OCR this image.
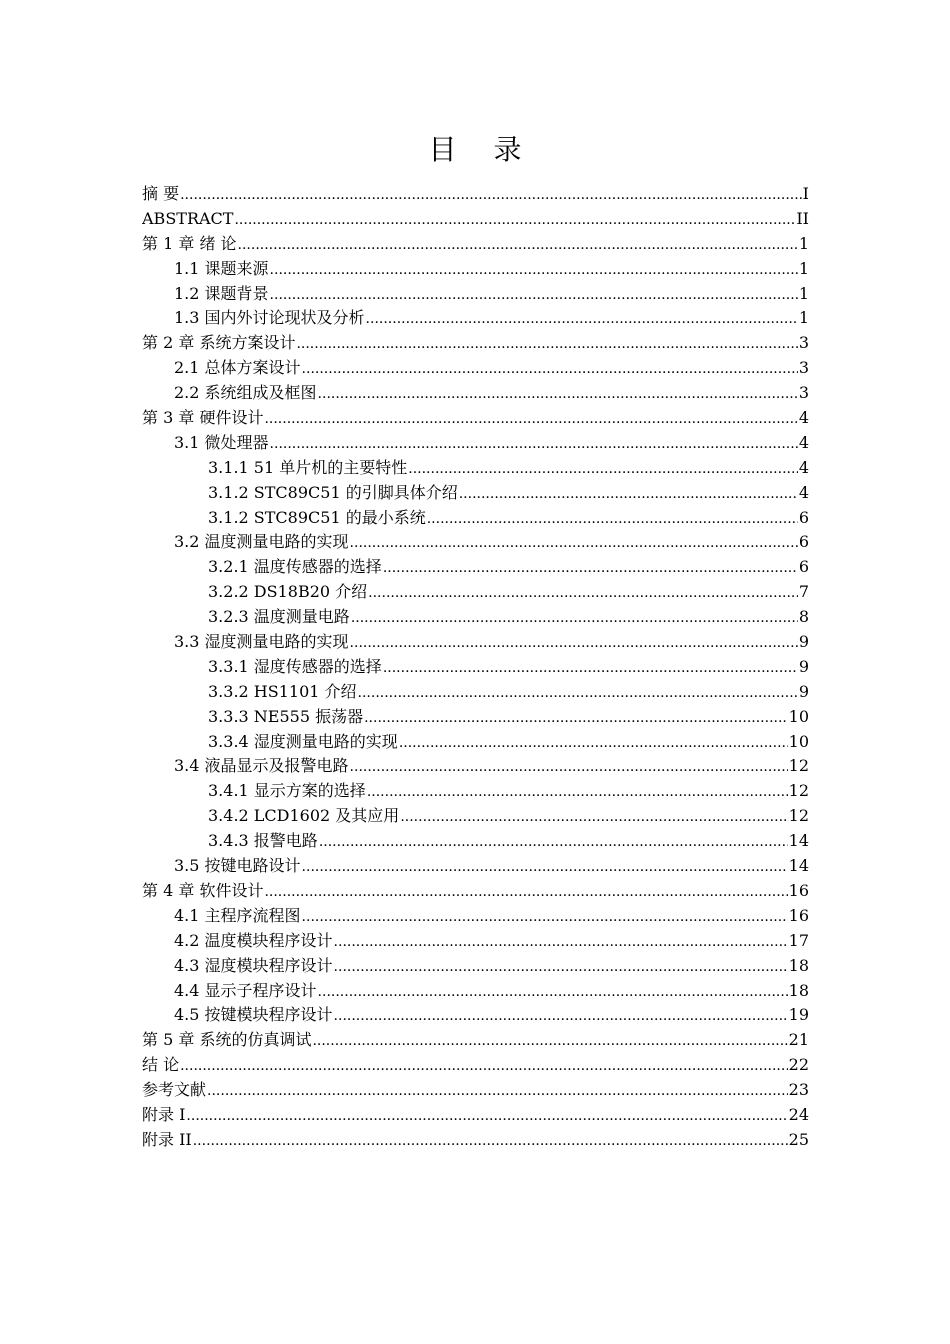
目 录
摘 要 .....	I
ABSTRACT .....	II
第 1 章 绪 论 .....	1
1.1 课题来源 .....	1
1.2 课题背景 .....	1
1.3 国内外讨论现状及分析 .....	1
第 2 章 系统方案设计 .....	3
2.1 总体方案设计 .....	3
2.2 系统组成及框图 .....	3
第 3 章 硬件设计 .....	4
3.1 微处理器 .....	4
3.1.1 51 单片机的主要特性 .....	4
3.1.2 STC89C51 的引脚具体介绍 .....	4
3.1.2 STC89C51 的最小系统 .....	6
3.2 温度测量电路的实现 .....	6
3.2.1 温度传感器的选择 .....	6
3.2.2 DS18B20 介绍 .....	7
3.2.3 温度测量电路 .....	8
3.3 湿度测量电路的实现 .....	9
3.3.1 湿度传感器的选择 .....	9
3.3.2 HS1101 介绍 .....	9
3.3.3 NE555 振荡器 .....	10
3.3.4 湿度测量电路的实现 .....	10
3.4 液晶显示及报警电路 .....	12
3.4.1 显示方案的选择 .....	12
3.4.2 LCD1602 及其应用 .....	12
3.4.3 报警电路 .....	14
3.5 按键电路设计 .....	14
第 4 章 软件设计 .....	16
4.1 主程序流程图 .....	16
4.2 温度模块程序设计 .....	17
4.3 湿度模块程序设计 .....	18
4.4 显示子程序设计 .....	18
4.5 按键模块程序设计 .....	19
第 5 章 系统的仿真调试 .....	21
结 论 .....	22
参考文献 .....	23
附录 I .....	24
附录 II .....	25
